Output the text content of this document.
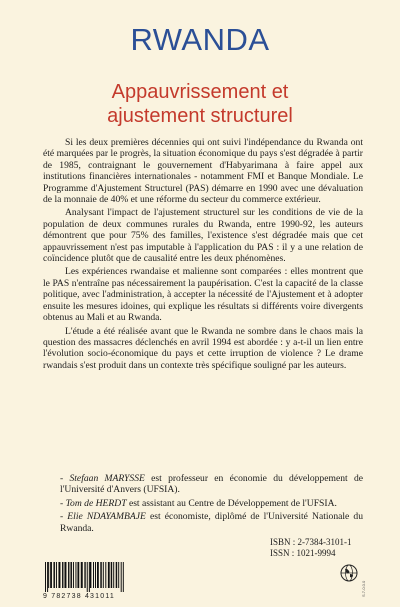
RWANDA
Appauvrissement et
ajustement structurel

Si les deux premières décennies qui ont suivi l'indépendance du Rwanda ont été marquées par le progrès, la situation économique du pays s'est dégradée à partir de 1985, contraignant le gouvernement d'Habyarimana à faire appel aux institutions financières internationales - notamment FMI et Banque Mondiale. Le Programme d'Ajustement Structurel (PAS) démarre en 1990 avec une dévaluation de la monnaie de 40% et une réforme du secteur du commerce extérieur.

Analysant l'impact de l'ajustement structurel sur les conditions de vie de la population de deux communes rurales du Rwanda, entre 1990-92, les auteurs démontrent que pour 75% des familles, l'existence s'est dégradée mais que cet appauvrissement n'est pas imputable à l'application du PAS : il y a une relation de coïncidence plutôt que de causalité entre les deux phénomènes.

Les expériences rwandaise et malienne sont comparées : elles montrent que le PAS n'entraîne pas nécessairement la paupérisation. C'est la capacité de la classe politique, avec l'administration, à accepter la nécessité de l'Ajustement et à adopter ensuite les mesures idoines, qui explique les résultats si différents voire divergents obtenus au Mali et au Rwanda.

L'étude a été réalisée avant que le Rwanda ne sombre dans le chaos mais la question des massacres déclenchés en avril 1994 est abordée : y a-t-il un lien entre l'évolution socio-économique du pays et cette irruption de violence ? Le drame rwandais s'est produit dans un contexte très spécifique souligné par les auteurs.

- Stefaan MARYSSE est professeur en économie du développement de l'Université d'Anvers (UFSIA).
- Tom de HERDT est assistant au Centre de Développement de l'UFSIA.
- Elie NDAYAMBAJE est économiste, diplômé de l'Université Nationale du Rwanda.
ISBN : 2-7384-3101-1
ISSN : 1021-9994
9 782738 431011	S.7-0.0.0
